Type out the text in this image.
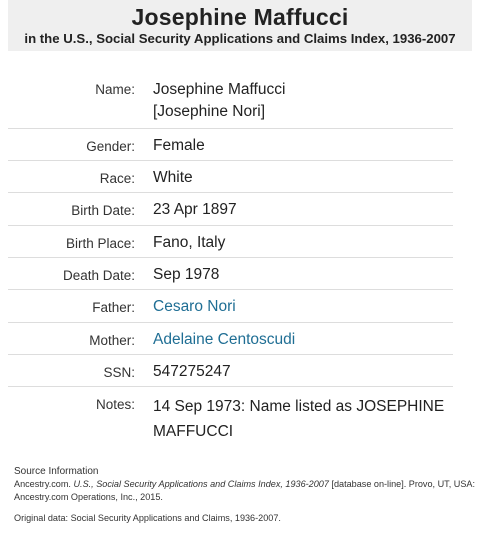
Josephine Maffucci
in the U.S., Social Security Applications and Claims Index, 1936-2007
Name: Josephine Maffucci
[Josephine Nori]
Gender: Female
Race: White
Birth Date: 23 Apr 1897
Birth Place: Fano, Italy
Death Date: Sep 1978
Father: Cesaro Nori
Mother: Adelaine Centoscudi
SSN: 547275247
Notes: 14 Sep 1973: Name listed as JOSEPHINE
MAFFUCCI
Source Information
Ancestry.com. U.S., Social Security Applications and Claims Index, 1936-2007 [database on-line]. Provo, UT, USA: Ancestry.com Operations, Inc., 2015.
Original data: Social Security Applications and Claims, 1936-2007.
